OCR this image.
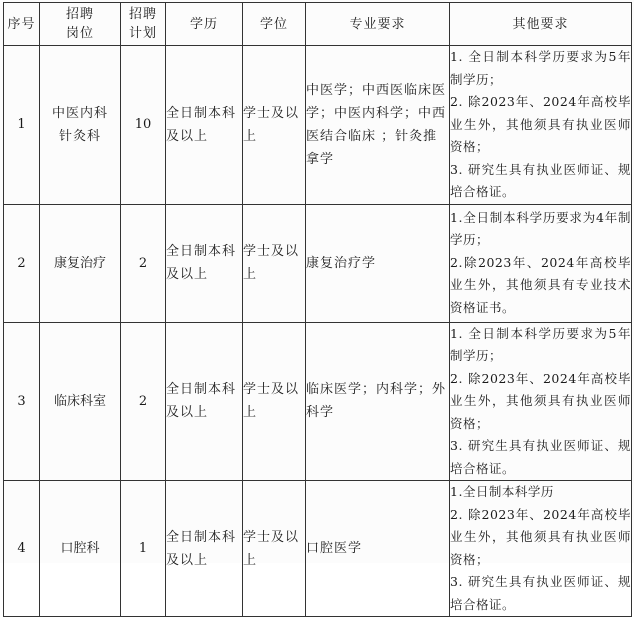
序号	招聘岗位	招聘计划	学历	学位	专业要求	其他要求
1	中医内科针灸科	10	全日制本科及以上	学士及以上	中医学；中西医临床医学；中医内科学；中西医结合临床 ；针灸推拿学	1. 全日制本科学历要求为5年制学历；
2. 除2023年、2024年高校毕业生外，其他须具有执业医师资格；
3. 研究生具有执业医师证、规培合格证。

2	康复治疗	2	全日制本科及以上	学士及以上	康复治疗学	1.全日制本科学历要求为4年制学历；
2.除2023年、2024年高校毕业生外，其他须具有专业技术资格证书。

3	临床科室	2	全日制本科及以上	学士及以上	临床医学；内科学；外科学	1. 全日制本科学历要求为5年制学历；
2. 除2023年、2024年高校毕业生外，其他须具有执业医师资格；
3. 研究生具有执业医师证、规培合格证。

4	口腔科	1	全日制本科及以上	学士及以上	口腔医学	1.全日制本科学历
2. 除2023年、2024年高校毕业生外，其他须具有执业医师资格；
3. 研究生具有执业医师证、规培合格证。
